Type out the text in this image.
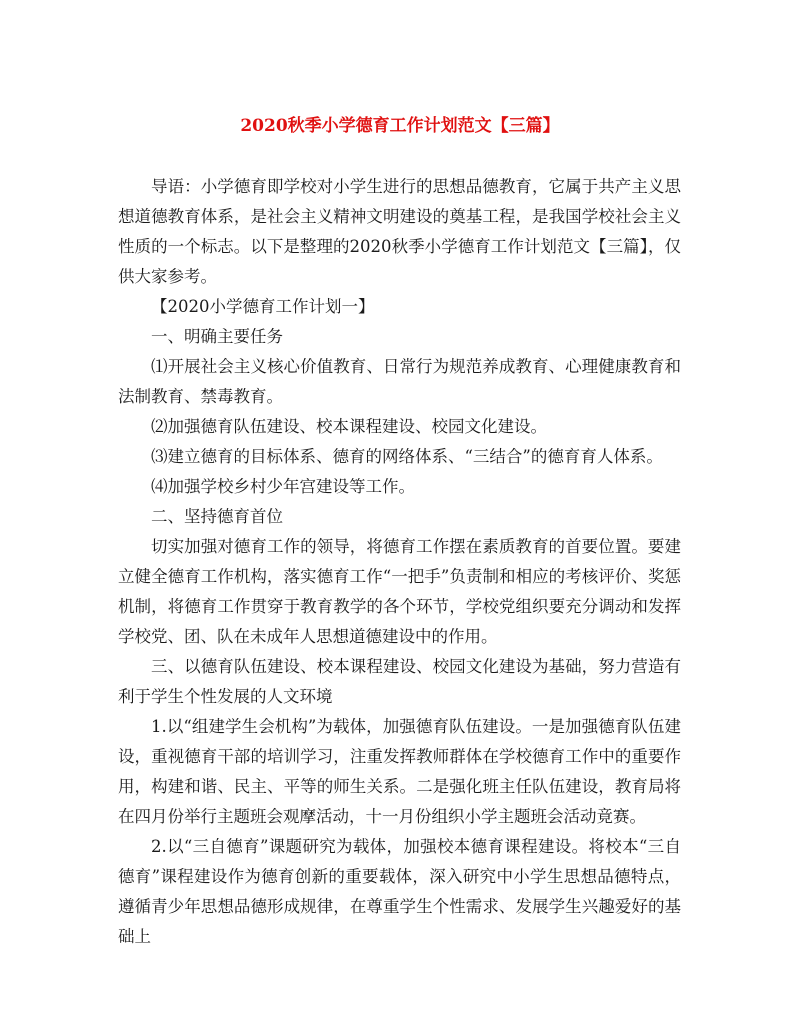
2020秋季小学德育工作计划范文【三篇】

导语：小学德育即学校对小学生进行的思想品德教育，它属于共产主义思想道德教育体系，是社会主义精神文明建设的奠基工程，是我国学校社会主义性质的一个标志。以下是整理的2020秋季小学德育工作计划范文【三篇】，仅供大家参考。

【2020小学德育工作计划一】

一、明确主要任务

⑴开展社会主义核心价值教育、日常行为规范养成教育、心理健康教育和法制教育、禁毒教育。

⑵加强德育队伍建设、校本课程建设、校园文化建设。

⑶建立德育的目标体系、德育的网络体系、“三结合”的德育育人体系。

⑷加强学校乡村少年宫建设等工作。

二、坚持德育首位

切实加强对德育工作的领导，将德育工作摆在素质教育的首要位置。要建立健全德育工作机构，落实德育工作“一把手”负责制和相应的考核评价、奖惩机制，将德育工作贯穿于教育教学的各个环节，学校党组织要充分调动和发挥学校党、团、队在未成年人思想道德建设中的作用。

三、以德育队伍建设、校本课程建设、校园文化建设为基础，努力营造有利于学生个性发展的人文环境

1.以“组建学生会机构”为载体，加强德育队伍建设。一是加强德育队伍建设，重视德育干部的培训学习，注重发挥教师群体在学校德育工作中的重要作用，构建和谐、民主、平等的师生关系。二是强化班主任队伍建设，教育局将在四月份举行主题班会观摩活动，十一月份组织小学主题班会活动竟赛。

2.以“三自德育”课题研究为载体，加强校本德育课程建设。将校本“三自德育”课程建设作为德育创新的重要载体，深入研究中小学生思想品德特点，遵循青少年思想品德形成规律，在尊重学生个性需求、发展学生兴趣爱好的基础上
